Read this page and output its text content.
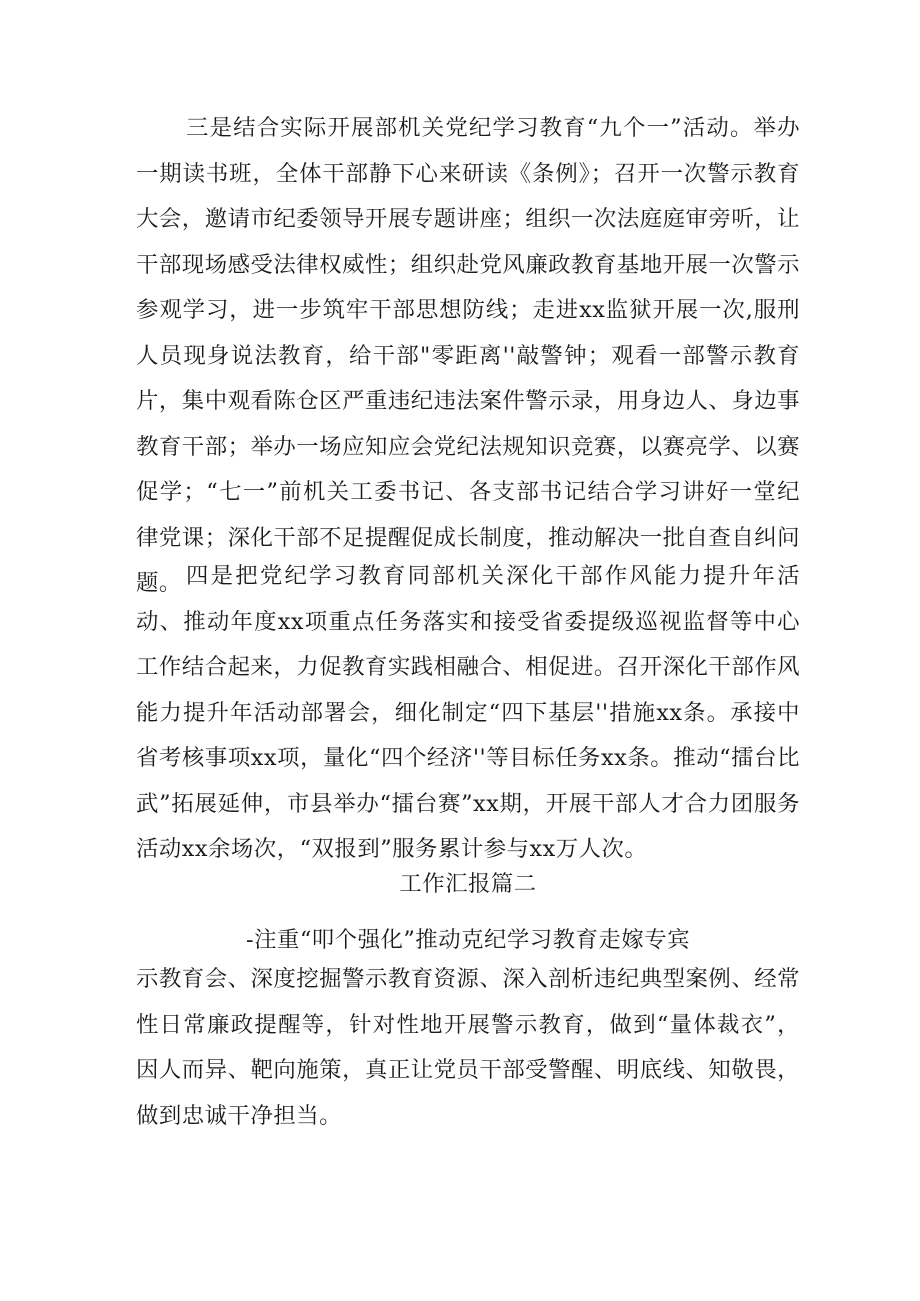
三是结合实际开展部机关党纪学习教育“九个一”活动。举办一期读书班，全体干部静下心来研读《条例》；召开一次警示教育大会，邀请市纪委领导开展专题讲座；组织一次法庭庭审旁听，让干部现场感受法律权威性；组织赴党风廉政教育基地开展一次警示参观学习，进一步筑牢干部思想防线；走进xx监狱开展一次,服刑人员现身说法教育，给干部"零距离''敲警钟；观看一部警示教育片，集中观看陈仓区严重违纪违法案件警示录，用身边人、身边事教育干部；举办一场应知应会党纪法规知识竞赛，以赛亮学、以赛促学；“七一”前机关工委书记、各支部书记结合学习讲好一堂纪律党课；深化干部不足提醒促成长制度，推动解决一批自查自纠问题。 四是把党纪学习教育同部机关深化干部作风能力提升年活动、推动年度xx项重点任务落实和接受省委提级巡视监督等中心工作结合起来，力促教育实践相融合、相促进。召开深化干部作风能力提升年活动部署会，细化制定“四下基层''措施xx条。承接中省考核事项xx项，量化“四个经济''等目标任务xx条。推动“擂台比武”拓展延伸，市县举办“擂台赛”xx期，开展干部人才合力团服务活动xx余场次，“双报到”服务累计参与xx万人次。

工作汇报篇二

-注重“叩个强化”推动克纪学习教育走嫁专宾

示教育会、深度挖掘警示教育资源、深入剖析违纪典型案例、经常性日常廉政提醒等，针对性地开展警示教育，做到“量体裁衣”，因人而异、靶向施策，真正让党员干部受警醒、明底线、知敬畏，做到忠诚干净担当。
